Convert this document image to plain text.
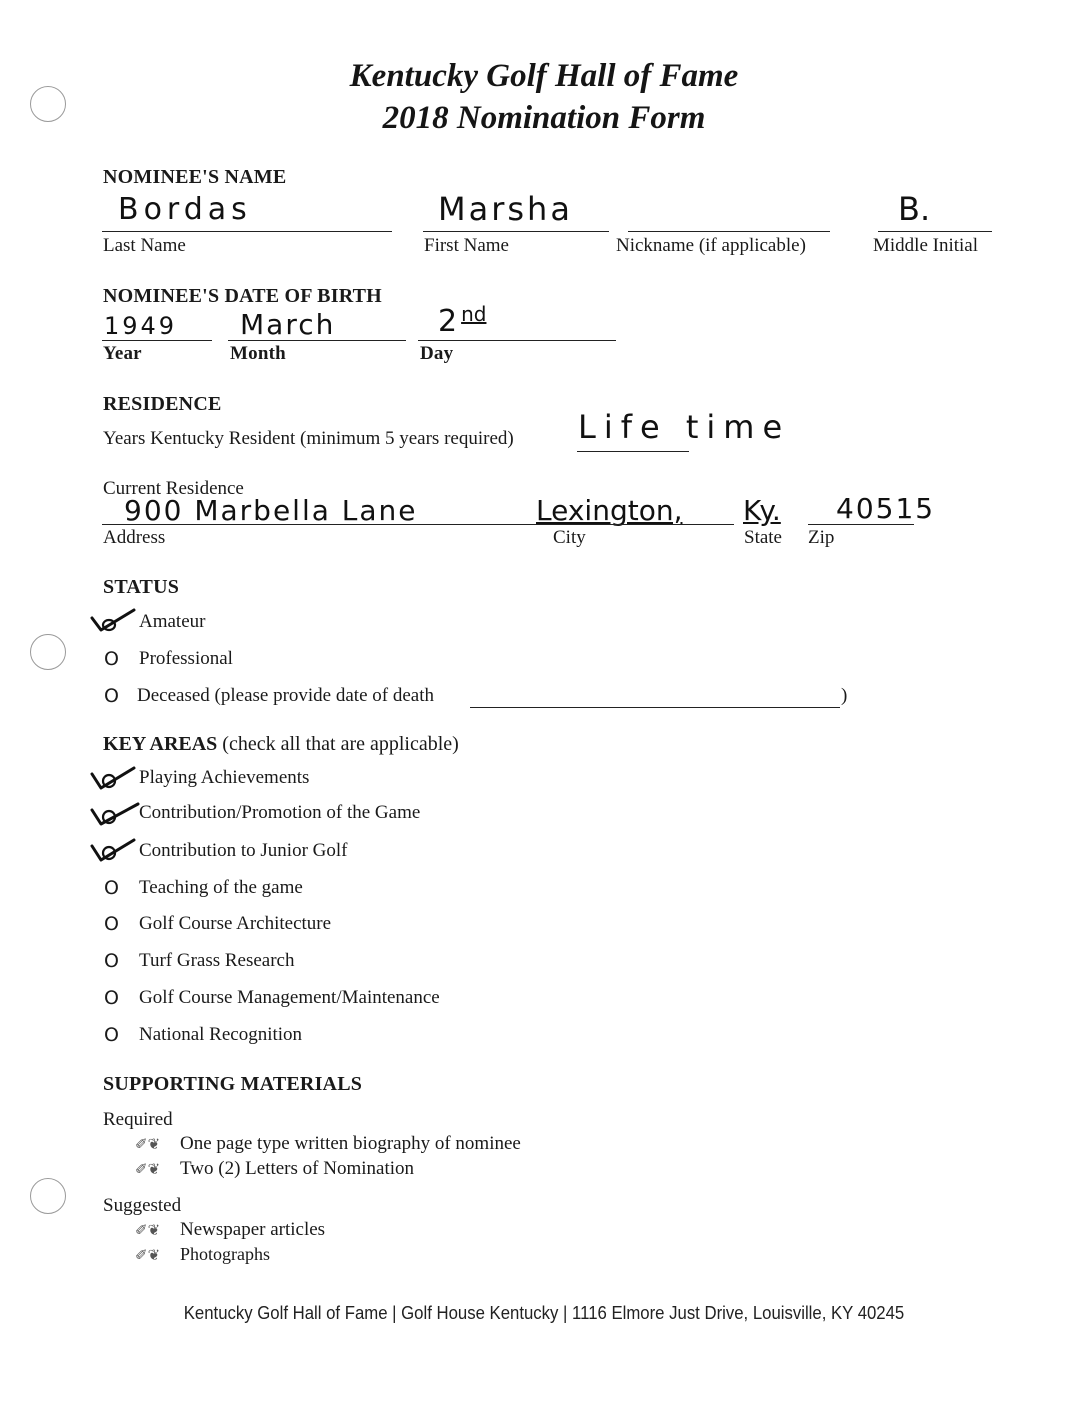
Kentucky Golf Hall of Fame
2018 Nomination Form
NOMINEE'S NAME
Bordas
Last Name
Marsha
First Name	Nickname (if applicable)
B.
Middle Initial
NOMINEE'S DATE OF BIRTH
1949
Year
March
Month
2 $^{nd}$
Day
RESIDENCE
Years Kentucky Resident (minimum 5 years required) Life time
Current Residence
900 Marbella Lane
Address
Lexington,
City
Ky.
State
40515
Zip
STATUS
Amateur
O Professional
O Deceased (please provide date of death	)
KEY AREAS (check all that are applicable)
Playing Achievements
Contribution/Promotion of the Game
Contribution to Junior Golf
O Teaching of the game
O Golf Course Architecture
O Turf Grass Research
O Golf Course Management/Maintenance
O National Recognition
SUPPORTING MATERIALS
Required
✐❦ One page type written biography of nominee
✐❦ Two (2) Letters of Nomination
Suggested
✐❦ Newspaper articles
✐❦ Photographs
Kentucky Golf Hall of Fame | Golf House Kentucky | 1116 Elmore Just Drive, Louisville, KY 40245
